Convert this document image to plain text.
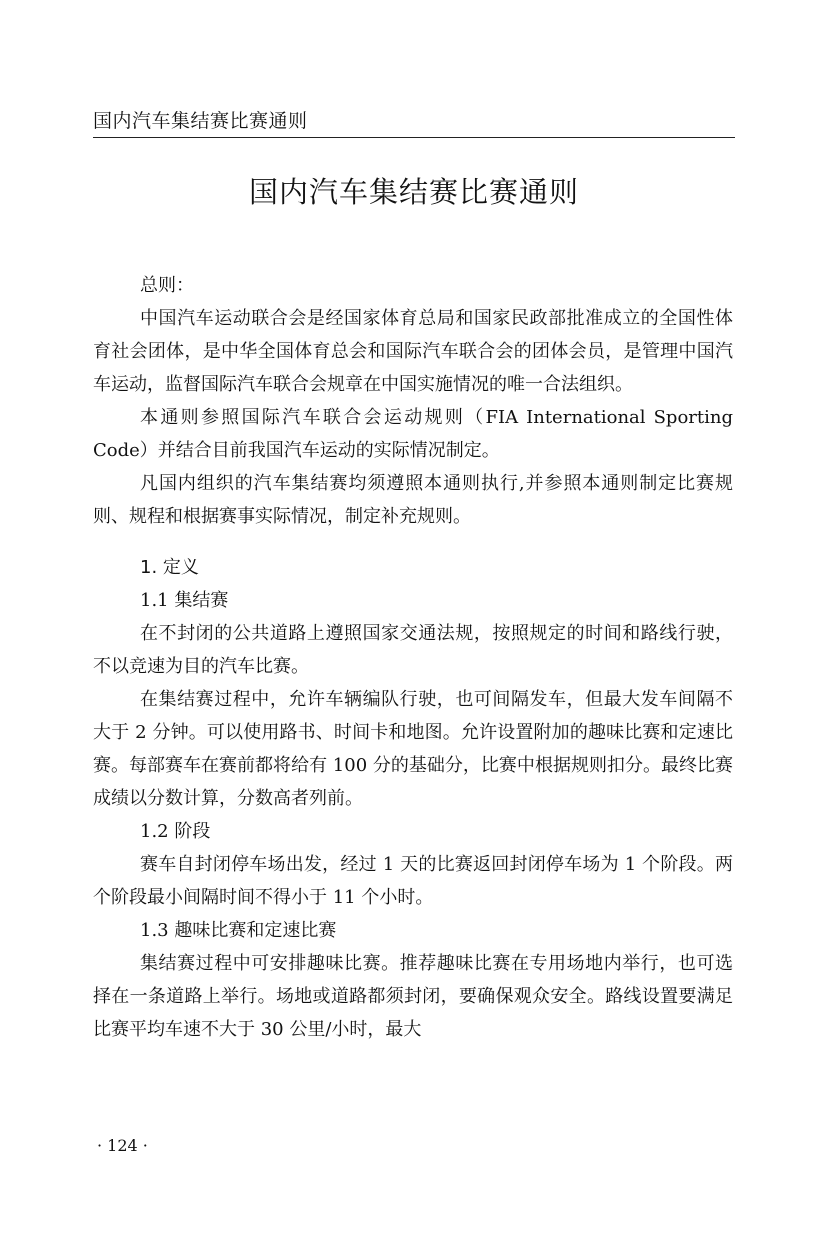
国内汽车集结赛比赛通则
国内汽车集结赛比赛通则
总则：

中国汽车运动联合会是经国家体育总局和国家民政部批准成立的全国性体育社会团体，是中华全国体育总会和国际汽车联合会的团体会员，是管理中国汽车运动，监督国际汽车联合会规章在中国实施情况的唯一合法组织。

本通则参照国际汽车联合会运动规则（FIA International Sporting Code）并结合目前我国汽车运动的实际情况制定。

凡国内组织的汽车集结赛均须遵照本通则执行,并参照本通则制定比赛规则、规程和根据赛事实际情况，制定补充规则。

1. 定义
1.1 集结赛

在不封闭的公共道路上遵照国家交通法规，按照规定的时间和路线行驶，不以竞速为目的汽车比赛。

在集结赛过程中，允许车辆编队行驶，也可间隔发车，但最大发车间隔不大于 2 分钟。可以使用路书、时间卡和地图。允许设置附加的趣味比赛和定速比赛。每部赛车在赛前都将给有 100 分的基础分，比赛中根据规则扣分。最终比赛成绩以分数计算，分数高者列前。

1.2 阶段

赛车自封闭停车场出发，经过 1 天的比赛返回封闭停车场为 1 个阶段。两个阶段最小间隔时间不得小于 11 个小时。

1.3 趣味比赛和定速比赛

集结赛过程中可安排趣味比赛。推荐趣味比赛在专用场地内举行，也可选择在一条道路上举行。场地或道路都须封闭，要确保观众安全。路线设置要满足比赛平均车速不大于 30 公里/小时，最大

· 124 ·
